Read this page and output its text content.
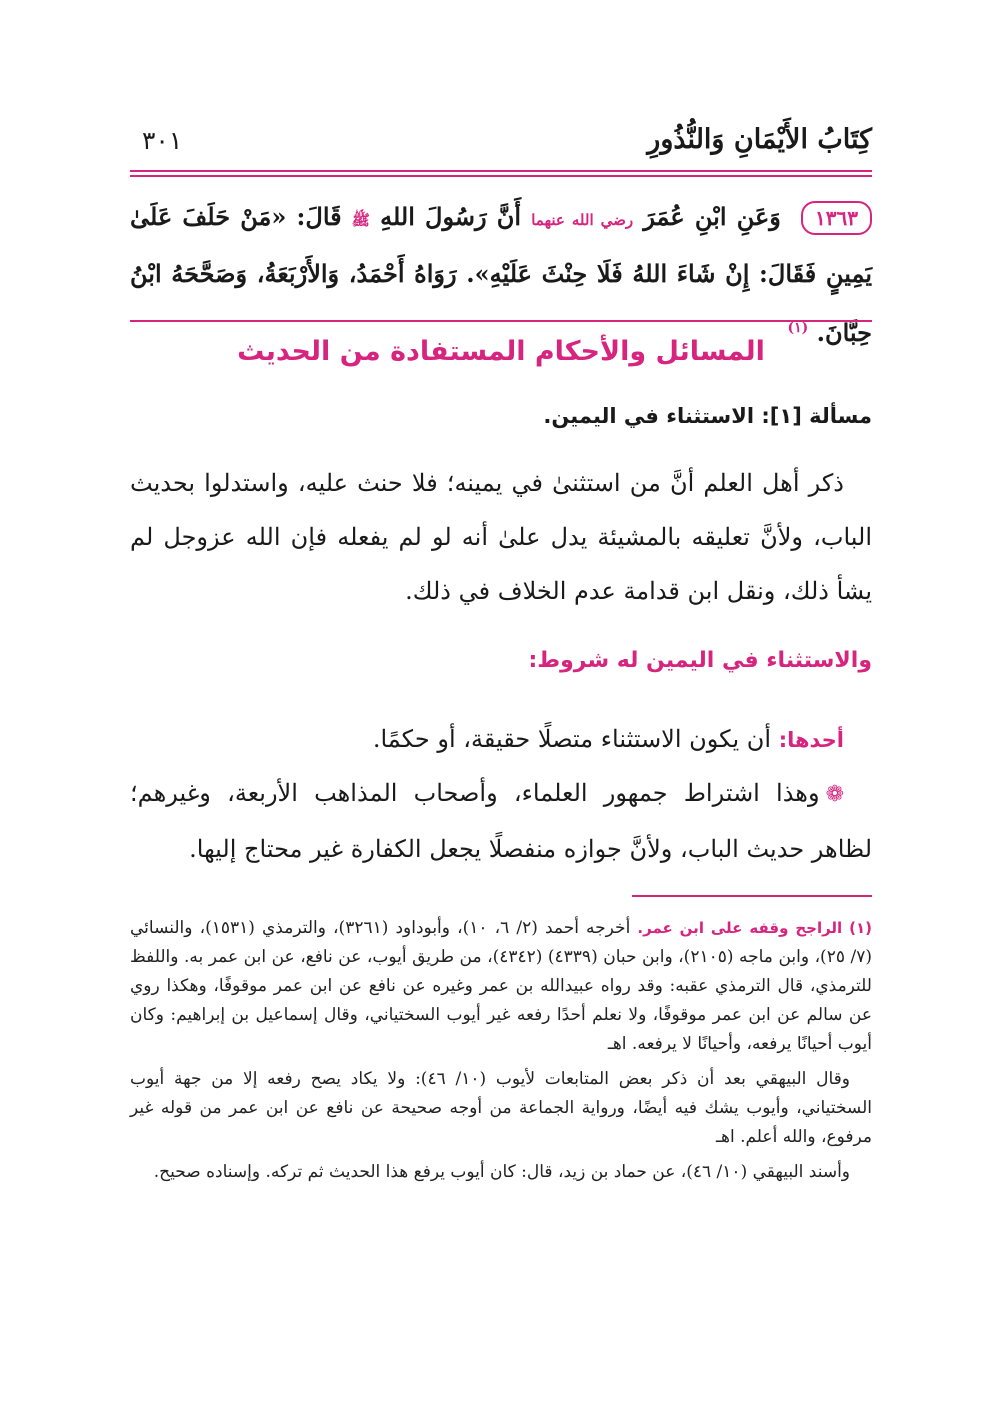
كِتَابُ الأَيْمَانِ وَالنُّذُورِ
٣٠١
١٣٦٣ وَعَنِ ابْنِ عُمَرَ رضي الله عنهما أَنَّ رَسُولَ اللهِ ﷺ قَالَ: «مَنْ حَلَفَ عَلَىٰ يَمِينٍ فَقَالَ: إِنْ شَاءَ اللهُ فَلَا حِنْثَ عَلَيْهِ». رَوَاهُ أَحْمَدُ، وَالأَرْبَعَةُ، وَصَحَّحَهُ ابْنُ حِبَّانَ. $^{(١)}$
المسائل والأحكام المستفادة من الحديث
مسألة [١]: الاستثناء في اليمين.
ذكر أهل العلم أنَّ من استثنىٰ في يمينه؛ فلا حنث عليه، واستدلوا بحديث الباب، ولأنَّ تعليقه بالمشيئة يدل علىٰ أنه لو لم يفعله فإن الله عزوجل لم يشأ ذلك، ونقل ابن قدامة عدم الخلاف في ذلك.
والاستثناء في اليمين له شروط:
أحدها: أن يكون الاستثناء متصلًا حقيقة، أو حكمًا.
❁وهذا اشتراط جمهور العلماء، وأصحاب المذاهب الأربعة، وغيرهم؛ لظاهر حديث الباب، ولأنَّ جوازه منفصلًا يجعل الكفارة غير محتاج إليها.

(١) الراجح وقفه على ابن عمر. أخرجه أحمد (٢/ ٦، ١٠)، وأبوداود (٣٢٦١)، والترمذي (١٥٣١)، والنسائي (٧/ ٢٥)، وابن ماجه (٢١٠٥)، وابن حبان (٤٣٣٩) (٤٣٤٢)، من طريق أيوب، عن نافع، عن ابن عمر به. واللفظ للترمذي، قال الترمذي عقبه: وقد رواه عبيدالله بن عمر وغيره عن نافع عن ابن عمر موقوفًا، وهكذا روي عن سالم عن ابن عمر موقوفًا، ولا نعلم أحدًا رفعه غير أيوب السختياني، وقال إسماعيل بن إبراهيم: وكان أيوب أحيانًا يرفعه، وأحيانًا لا يرفعه. اهـ

وقال البيهقي بعد أن ذكر بعض المتابعات لأيوب (١٠/ ٤٦): ولا يكاد يصح رفعه إلا من جهة أيوب السختياني، وأيوب يشك فيه أيضًا، ورواية الجماعة من أوجه صحيحة عن نافع عن ابن عمر من قوله غير مرفوع، والله أعلم. اهـ

وأسند البيهقي (١٠/ ٤٦)، عن حماد بن زيد، قال: كان أيوب يرفع هذا الحديث ثم تركه. وإسناده صحيح.
